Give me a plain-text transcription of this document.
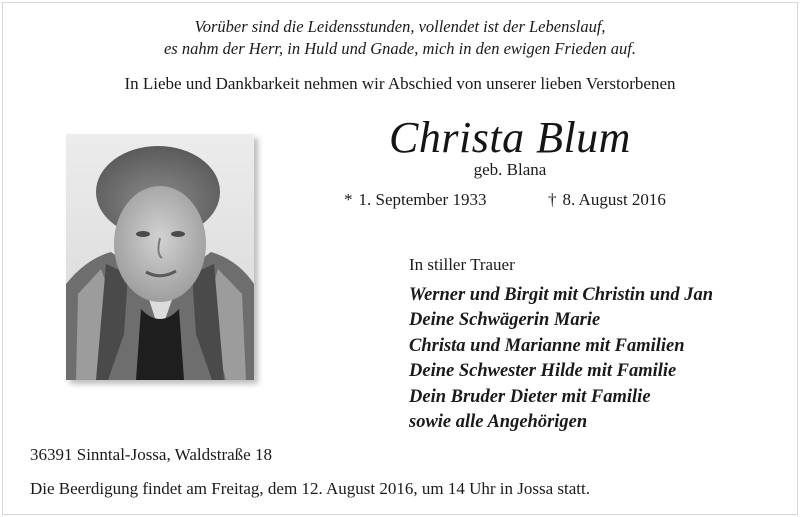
Vorüber sind die Leidensstunden, vollendet ist der Lebenslauf,
es nahm der Herr, in Huld und Gnade, mich in den ewigen Frieden auf.
In Liebe und Dankbarkeit nehmen wir Abschied von unserer lieben Verstorbenen
Christa Blum
geb. Blana
* 1. September 1933	† 8. August 2016
In stiller Trauer
Werner und Birgit mit Christin und Jan
Deine Schwägerin Marie
Christa und Marianne mit Familien
Deine Schwester Hilde mit Familie
Dein Bruder Dieter mit Familie
sowie alle Angehörigen
36391 Sinntal-Jossa, Waldstraße 18
Die Beerdigung findet am Freitag, dem 12. August 2016, um 14 Uhr in Jossa statt.
